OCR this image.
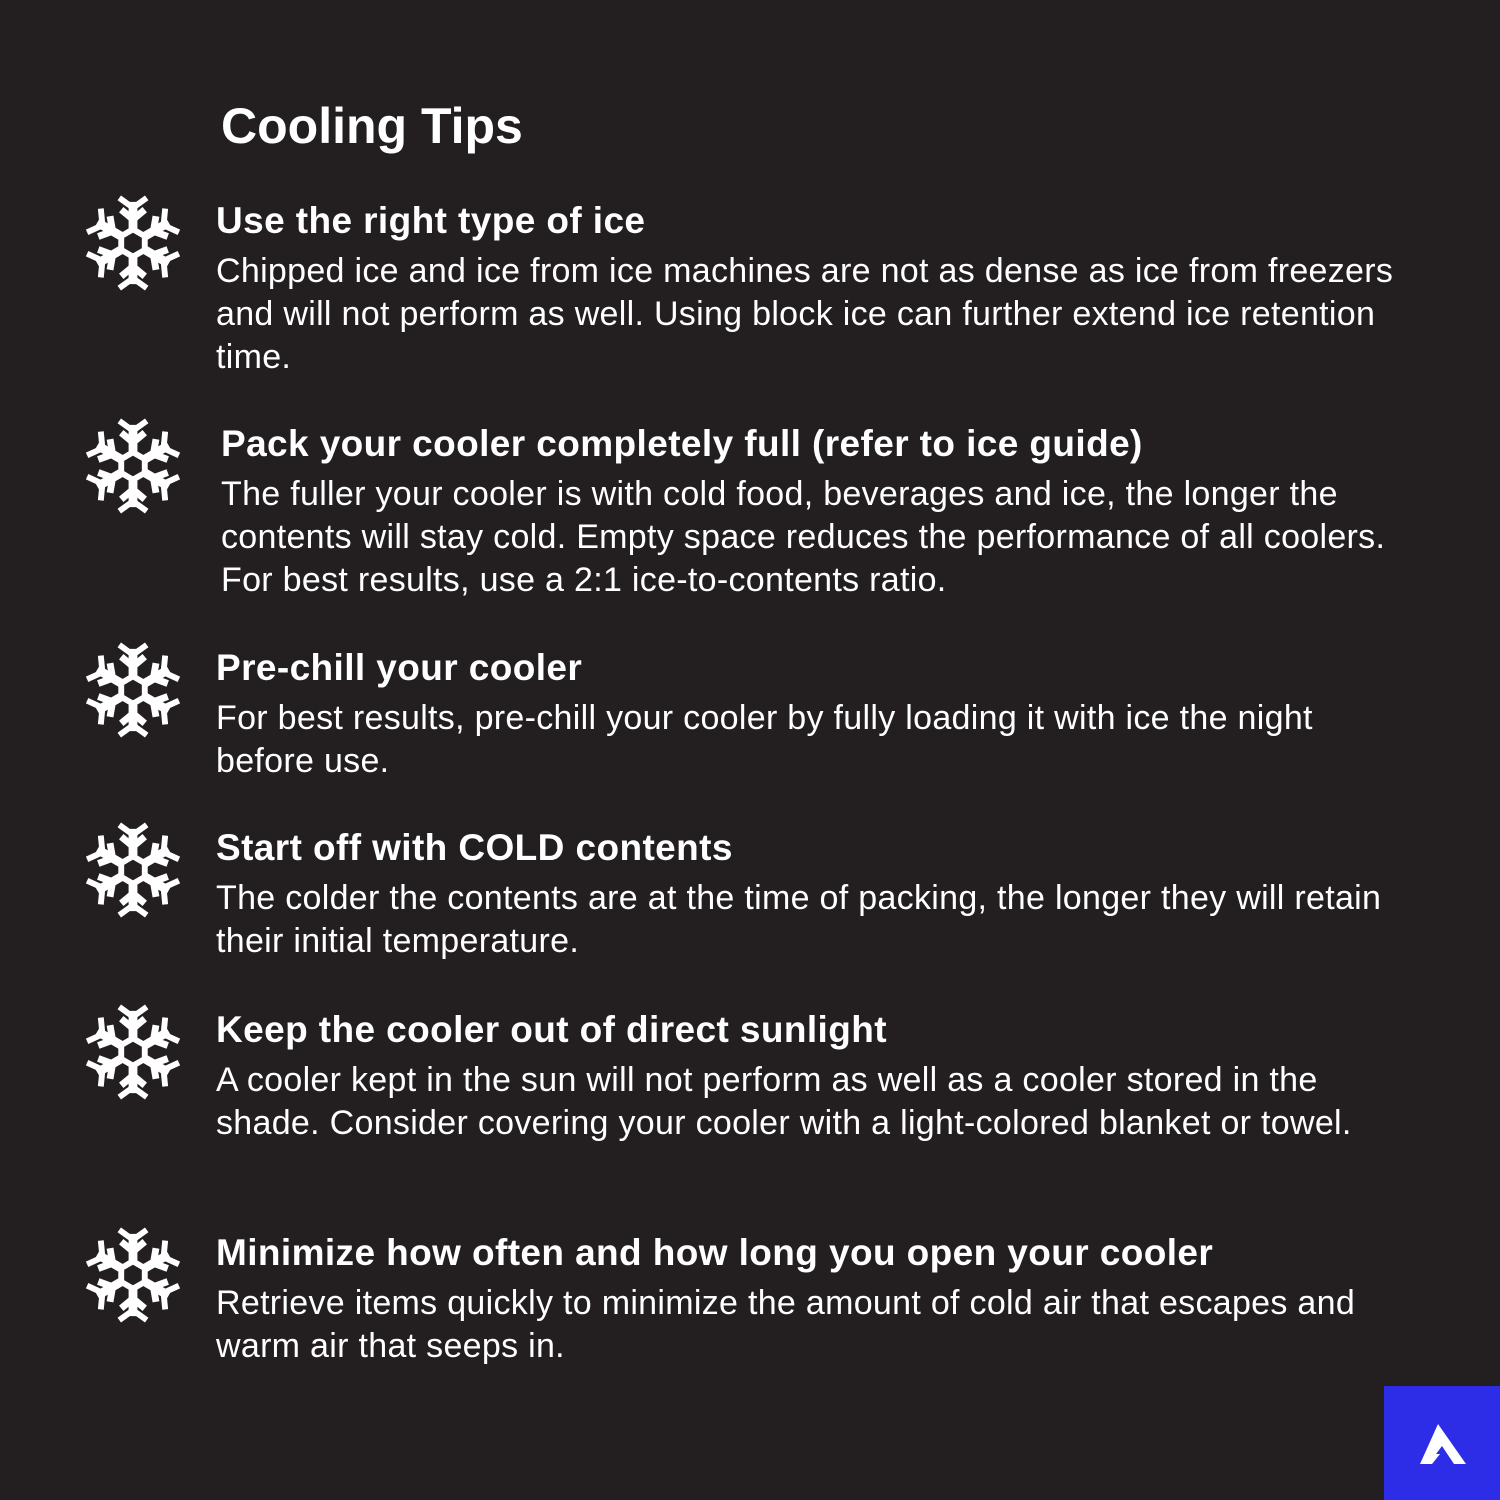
Cooling Tips
Use the right type of ice

Chipped ice and ice from ice machines are not as dense as ice from freezers and will not perform as well. Using block ice can further extend ice retention time.

Pack your cooler completely full (refer to ice guide)

The fuller your cooler is with cold food, beverages and ice, the longer the contents will stay cold. Empty space reduces the performance of all coolers. For best results, use a 2:1 ice-to-contents ratio.

Pre-chill your cooler

For best results, pre-chill your cooler by fully loading it with ice the night before use.

Start off with COLD contents

The colder the contents are at the time of packing, the longer they will retain their initial temperature.

Keep the cooler out of direct sunlight

A cooler kept in the sun will not perform as well as a cooler stored in the shade. Consider covering your cooler with a light-colored blanket or towel.

Minimize how often and how long you open your cooler

Retrieve items quickly to minimize the amount of cold air that escapes and warm air that seeps in.
